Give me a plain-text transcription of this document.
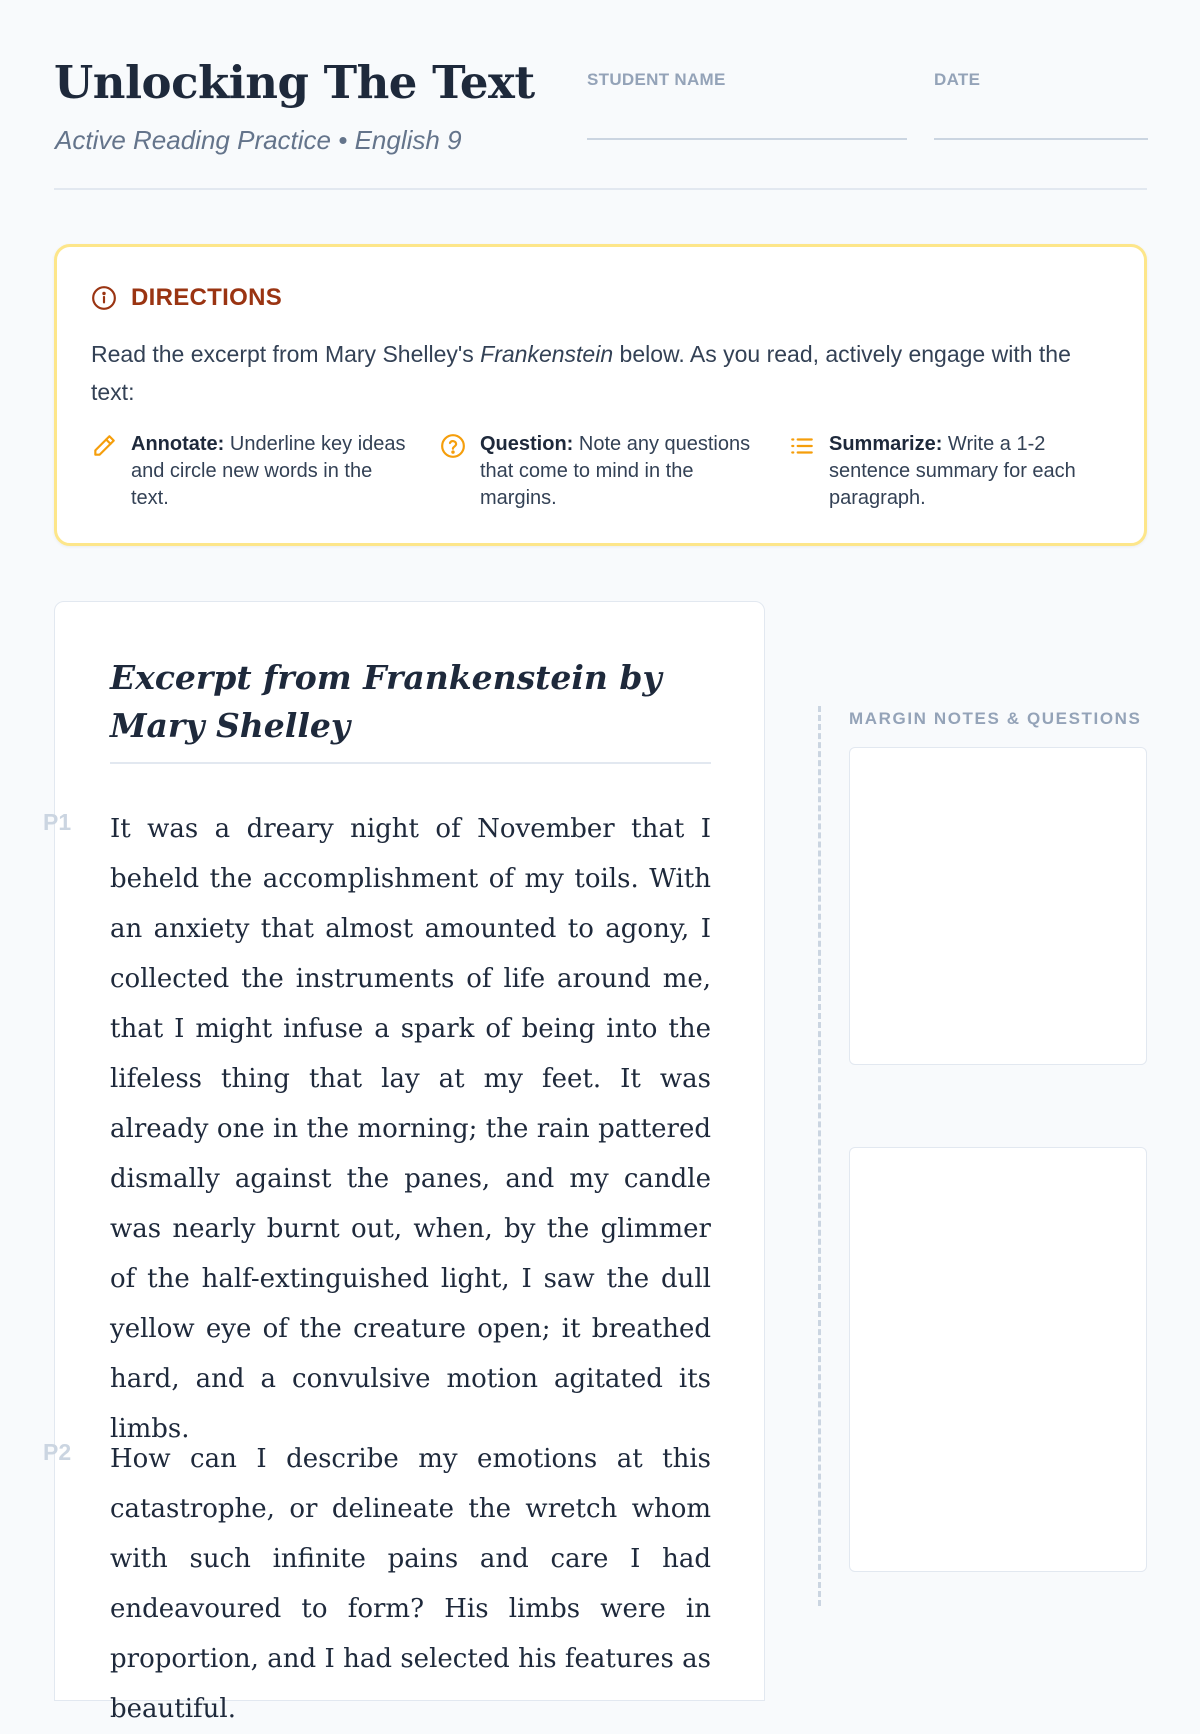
Unlocking The Text
Active Reading Practice • English 9
STUDENT NAME	DATE
DIRECTIONS
Read the excerpt from Mary Shelley's Frankenstein below. As you read, actively engage with the text:
Annotate: Underline key ideas and circle new words in the text.
Question: Note any questions that come to mind in the margins.
Summarize: Write a 1-2 sentence summary for each paragraph.
Excerpt from Frankenstein by Mary Shelley
P1 It was a dreary night of November that I beheld the accomplishment of my toils. With an anxiety that almost amounted to agony, I collected the instruments of life around me, that I might infuse a spark of being into the lifeless thing that lay at my feet. It was already one in the morning; the rain pattered dismally against the panes, and my candle was nearly burnt out, when, by the glimmer of the half-extinguished light, I saw the dull yellow eye of the creature open; it breathed hard, and a convulsive motion agitated its limbs.

P2 How can I describe my emotions at this catastrophe, or delineate the wretch whom with such infinite pains and care I had endeavoured to form? His limbs were in proportion, and I had selected his features as beautiful.

MARGIN NOTES & QUESTIONS
